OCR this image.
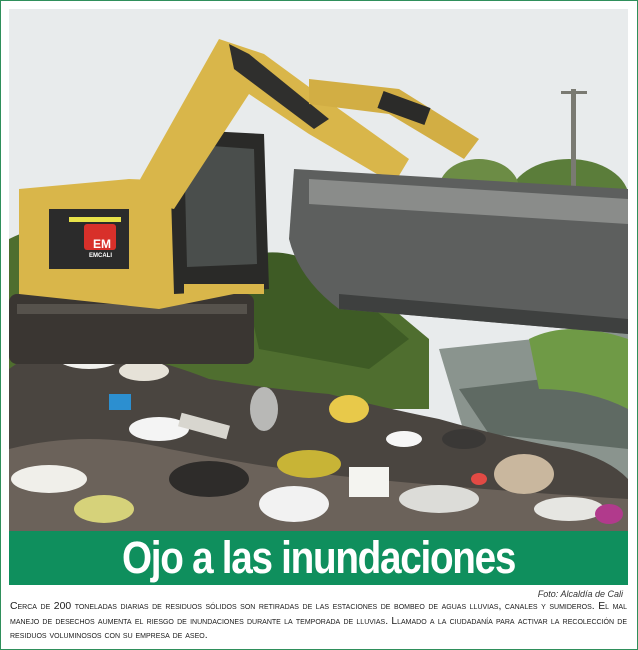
EM
EMCALI
Ojo a las inundaciones
Foto: Alcaldía de Cali
Cerca de 200 toneladas diarias de residuos sólidos son retiradas de las estaciones de bombeo de aguas lluvias, canales y sumideros. El mal manejo de desechos aumenta el riesgo de inundaciones durante la temporada de lluvias. Llamado a la ciudadanía para activar la recolección de residuos voluminosos con su empresa de aseo.
